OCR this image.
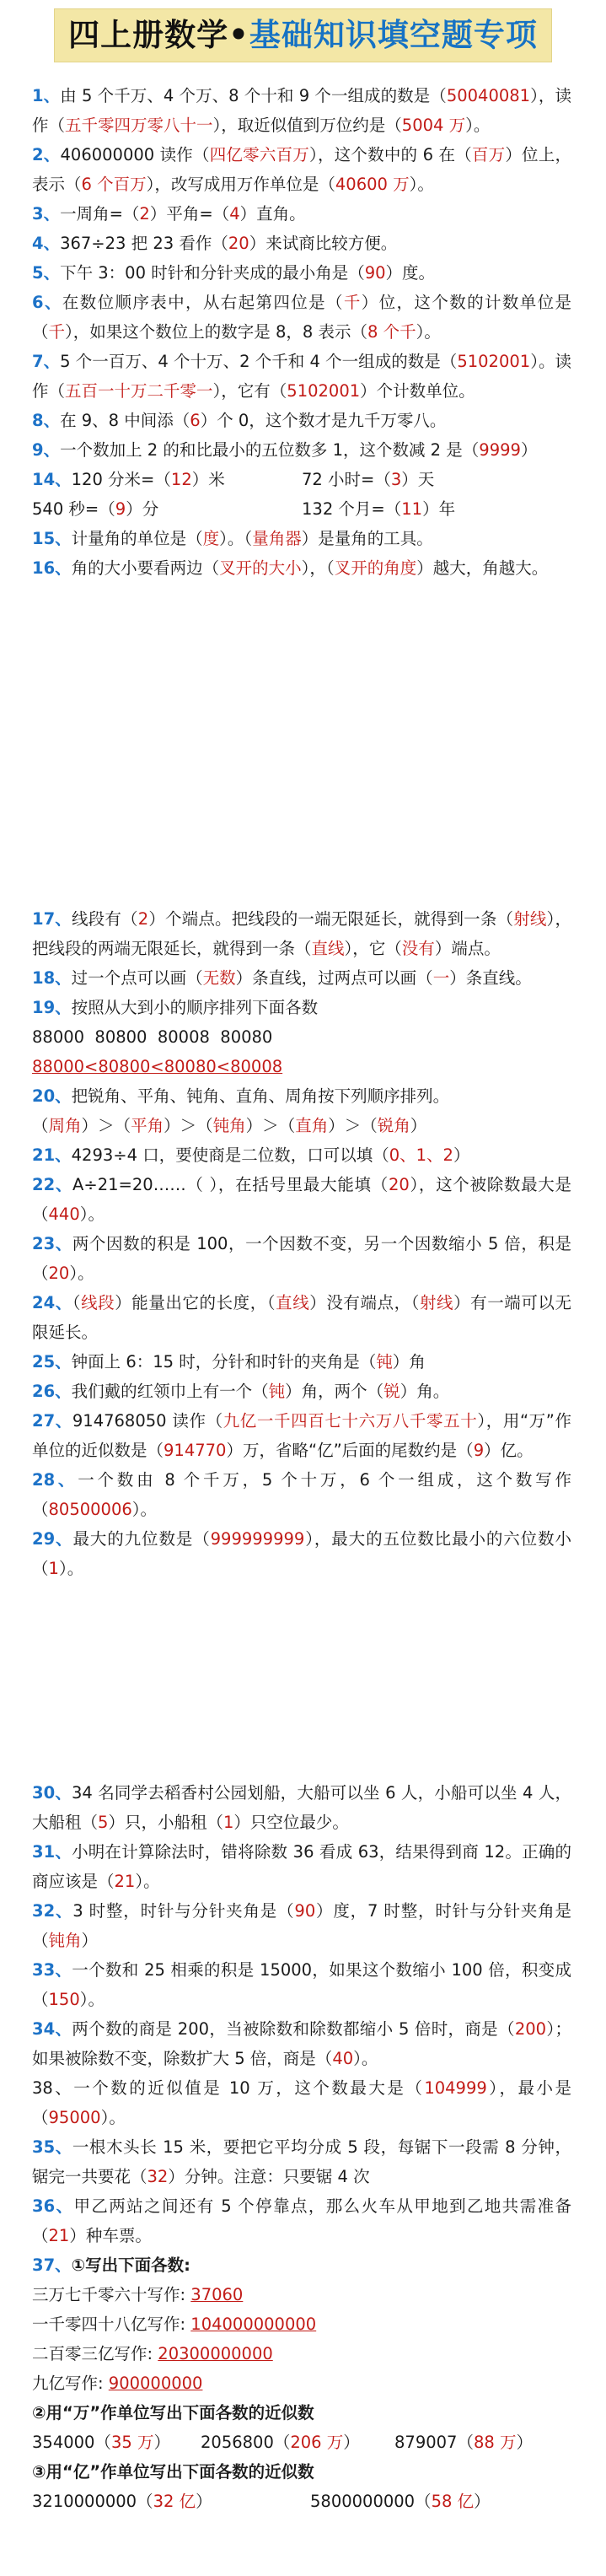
四上册数学•基础知识填空题专项

1、由 5 个千万、4 个万、8 个十和 9 个一组成的数是（50040081），读作（五千零四万零八十一），取近似值到万位约是（5004 万）。

2、406000000 读作（四亿零六百万），这个数中的 6 在（百万）位上，表示（6 个百万），改写成用万作单位是（40600 万）。

3、一周角=（2）平角=（4）直角。

4、367÷23 把 23 看作（20）来试商比较方便。

5、下午 3：00 时针和分针夹成的最小角是（90）度。

6、在数位顺序表中，从右起第四位是（千）位，这个数的计数单位是（千），如果这个数位上的数字是 8，8 表示（8 个千）。

7、5 个一百万、4 个十万、2 个千和 4 个一组成的数是（5102001）。读作（五百一十万二千零一），它有（5102001）个计数单位。

8、在 9、8 中间添（6）个 0，这个数才是九千万零八。

9、一个数加上 2 的和比最小的五位数多 1，这个数减 2 是（9999）

14、120 分米=（12）米	72 小时=（3）天
540 秒=（9）分	132 个月=（11）年

15、计量角的单位是（度）。（量角器）是量角的工具。

16、角的大小要看两边（叉开的大小），（叉开的角度）越大，角越大。

17、线段有（2）个端点。把线段的一端无限延长，就得到一条（射线），把线段的两端无限延长，就得到一条（直线），它（没有）端点。

18、过一个点可以画（无数）条直线，过两点可以画（一）条直线。

19、按照从大到小的顺序排列下面各数

88000  80800  80008  80080

88000<80800<80080<80008

20、把锐角、平角、钝角、直角、周角按下列顺序排列。

（周角）＞（平角）＞（钝角）＞（直角）＞（锐角）

21、4293÷4 口，要使商是二位数，口可以填（0、1、2）

22、A÷21=20……（ ），在括号里最大能填（20），这个被除数最大是（440）。

23、两个因数的积是 100，一个因数不变，另一个因数缩小 5 倍，积是（20）。

24、（线段）能量出它的长度，（直线）没有端点，（射线）有一端可以无限延长。

25、钟面上 6：15 时，分针和时针的夹角是（钝）角

26、我们戴的红领巾上有一个（钝）角，两个（锐）角。

27、914768050 读作（九亿一千四百七十六万八千零五十），用“万”作单位的近似数是（914770）万，省略“亿”后面的尾数约是（9）亿。

28、一个数由 8 个千万，5 个十万，6 个一组成，这个数写作（80500006）。

29、最大的九位数是（999999999），最大的五位数比最小的六位数小（1）。

30、34 名同学去稻香村公园划船，大船可以坐 6 人，小船可以坐 4 人，大船租（5）只，小船租（1）只空位最少。

31、小明在计算除法时，错将除数 36 看成 63，结果得到商 12。正确的商应该是（21）。

32、3 时整，时针与分针夹角是（90）度，7 时整，时针与分针夹角是（钝角）

33、一个数和 25 相乘的积是 15000，如果这个数缩小 100 倍，积变成（150）。

34、两个数的商是 200，当被除数和除数都缩小 5 倍时，商是（200）；如果被除数不变，除数扩大 5 倍，商是（40）。

38、一个数的近似值是 10 万，这个数最大是（104999），最小是（95000）。

35、一根木头长 15 米，要把它平均分成 5 段，每锯下一段需 8 分钟，锯完一共要花（32）分钟。注意：只要锯 4 次

36、甲乙两站之间还有 5 个停靠点，那么火车从甲地到乙地共需准备（21）种车票。

37、①写出下面各数:

三万七千零六十写作: 37060

一千零四十八亿写作: 104000000000

二百零三亿写作: 20300000000

九亿写作: 900000000

②用“万”作单位写出下面各数的近似数

354000（35 万）	2056800（206 万）	879007（88 万）

③用“亿”作单位写出下面各数的近似数

3210000000（32 亿）	5800000000（58 亿）
